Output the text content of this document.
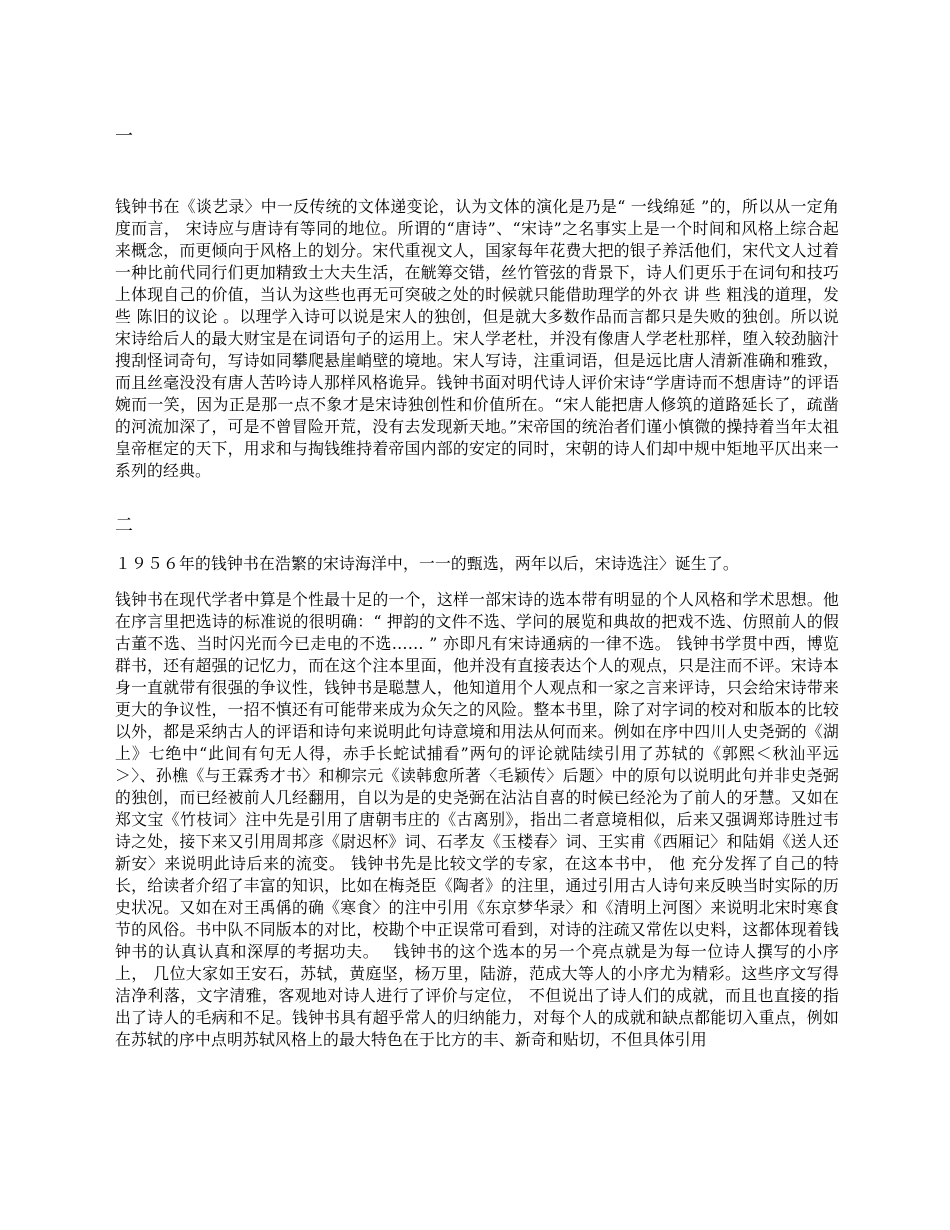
一

钱钟书在《谈艺录〉中一反传统的文体递变论，认为文体的演化是乃是“ 一线绵延 ”的，所以从一定角度而言， 宋诗应与唐诗有等同的地位。所谓的“唐诗”、“宋诗”之名事实上是一个时间和风格上综合起来概念，而更倾向于风格上的划分。宋代重视文人，国家每年花费大把的银子养活他们，宋代文人过着一种比前代同行们更加精致士大夫生活，在觥筹交错，丝竹管弦的背景下，诗人们更乐于在词句和技巧上体现自己的价值，当认为这些也再无可突破之处的时候就只能借助理学的外衣 讲 些 粗浅的道理，发 些 陈旧的议论 。以理学入诗可以说是宋人的独创，但是就大多数作品而言都只是失败的独创。所以说宋诗给后人的最大财宝是在词语句子的运用上。宋人学老杜，并没有像唐人学老杜那样，堕入较劲脑汁搜刮怪词奇句，写诗如同攀爬悬崖峭壁的境地。宋人写诗，注重词语，但是远比唐人清新准确和雅致，而且丝毫没没有唐人苦吟诗人那样风格诡异。钱钟书面对明代诗人评价宋诗“学唐诗而不想唐诗”的评语婉而一笑，因为正是那一点不象才是宋诗独创性和价值所在。“宋人能把唐人修筑的道路延长了，疏凿的河流加深了，可是不曾冒险开荒，没有去发现新天地。”宋帝国的统治者们谨小慎微的操持着当年太祖皇帝框定的天下，用求和与掏钱维持着帝国内部的安定的同时，宋朝的诗人们却中规中矩地平仄出来一系列的经典。

二

１９５６年的钱钟书在浩繁的宋诗海洋中，一一的甄选，两年以后，宋诗选注〉诞生了。

钱钟书在现代学者中算是个性最十足的一个，这样一部宋诗的选本带有明显的个人风格和学术思想。他在序言里把选诗的标准说的很明确：“ 押韵的文件不选、学问的展览和典故的把戏不选、仿照前人的假古董不选、当时闪光而今已走电的不选…… ” 亦即凡有宋诗通病的一律不选。 钱钟书学贯中西，博览群书，还有超强的记忆力，而在这个注本里面，他并没有直接表达个人的观点，只是注而不评。宋诗本身一直就带有很强的争议性，钱钟书是聪慧人，他知道用个人观点和一家之言来评诗，只会给宋诗带来更大的争议性，一招不慎还有可能带来成为众矢之的风险。整本书里，除了对字词的校对和版本的比较以外，都是采纳古人的评语和诗句来说明此句诗意境和用法从何而来。例如在序中四川人史尧弼的《湖上》七绝中“此间有句无人得，赤手长蛇试捕看”两句的评论就陆续引用了苏轼的《郭熙＜秋汕平远＞〉、孙樵《与王霖秀才书〉和柳宗元《读韩愈所著〈毛颖传〉后题〉中的原句以说明此句并非史尧弼的独创，而已经被前人几经翻用，自以为是的史尧弼在沾沾自喜的时候已经沦为了前人的牙慧。又如在郑文宝《竹枝词〉注中先是引用了唐朝韦庄的《古离别》，指出二者意境相似，后来又强调郑诗胜过韦诗之处，接下来又引用周邦彦《尉迟杯》词、石孝友《玉楼春〉词、王实甫《西厢记〉和陆娟《送人还新安〉来说明此诗后来的流变。 钱钟书先是比较文学的专家，在这本书中， 他 充分发挥了自己的特长，给读者介绍了丰富的知识，比如在梅尧臣《陶者》的注里，通过引用古人诗句来反映当时实际的历史状况。又如在对王禹偁的确《寒食〉的注中引用《东京梦华录〉和《清明上河图〉来说明北宋时寒食节的风俗。书中队不同版本的对比，校勘个中正误常可看到，对诗的注疏又常佐以史料，这都体现着钱钟书的认真认真和深厚的考据功夫。　 钱钟书的这个选本的另一个亮点就是为每一位诗人撰写的小序上， 几位大家如王安石，苏轼，黄庭坚，杨万里，陆游，范成大等人的小序尤为精彩。这些序文写得洁净利落，文字清雅，客观地对诗人进行了评价与定位， 不但说出了诗人们的成就，而且也直接的指出了诗人的毛病和不足。钱钟书具有超乎常人的归纳能力，对每个人的成就和缺点都能切入重点，例如在苏轼的序中点明苏轼风格上的最大特色在于比方的丰、新奇和贴切，不但具体引用
